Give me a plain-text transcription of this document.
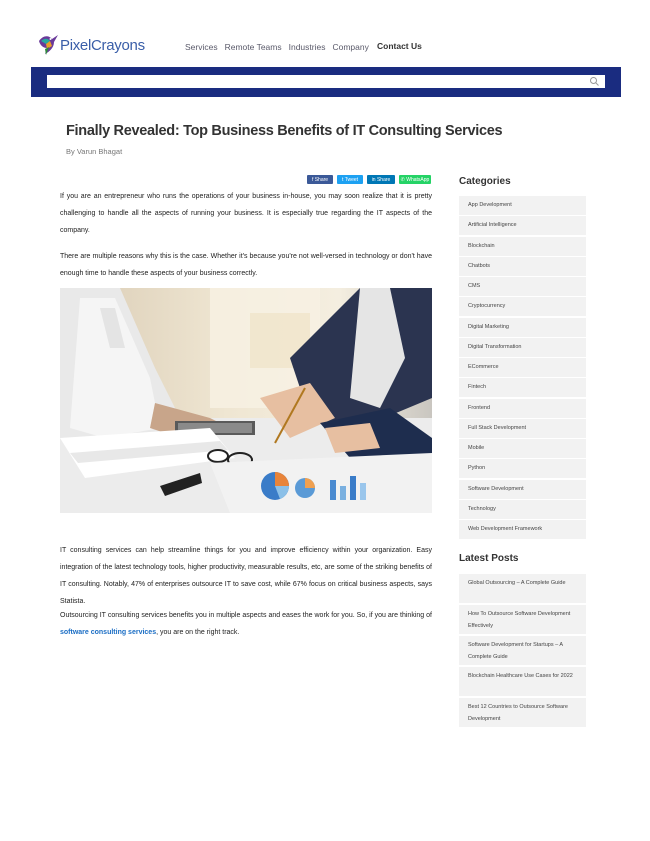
PixelCrayons	Services Remote Teams Industries Company Contact Us
Finally Revealed: Top Business Benefits of IT Consulting Services
By Varun Bhagat
f Share	t Tweet	in Share ✆ WhatsApp

If you are an entrepreneur who runs the operations of your business in-house, you may soon realize that it is pretty challenging to handle all the aspects of running your business. It is especially true regarding the IT aspects of the company.

There are multiple reasons why this is the case. Whether it's because you're not well-versed in technology or don't have enough time to handle these aspects of your business correctly.

IT consulting services can help streamline things for you and improve efficiency within your organization. Easy integration of the latest technology tools, higher productivity, measurable results, etc, are some of the striking benefits of IT consulting. Notably, 47% of enterprises outsource IT to save cost, while 67% focus on critical business aspects, says Statista.

Outsourcing IT consulting services benefits you in multiple aspects and eases the work for you. So, if you are thinking of software consulting services, you are on the right track.

Categories
App Development
Artificial Intelligence
Blockchain
Chatbots
CMS
Cryptocurrency
Digital Marketing
Digital Transformation
ECommerce
Fintech
Frontend
Full Stack Development
Mobile
Python
Software Development
Technology
Web Development Framework
Latest Posts
Global Outsourcing – A Complete Guide
How To Outsource Software Development Effectively
Software Development for Startups – A Complete Guide
Blockchain Healthcare Use Cases for 2022
Best 12 Countries to Outsource Software Development
